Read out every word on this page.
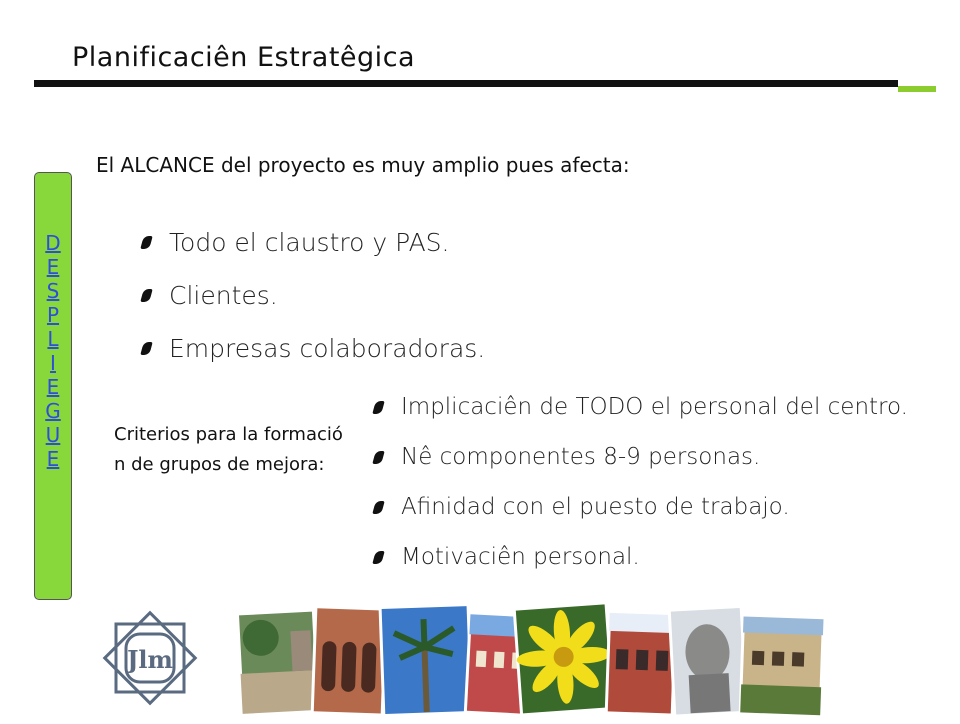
Planificaciên Estratêgica
D
E
S
P
L
I
E
G
U
E
El ALCANCE del proyecto es muy amplio pues afecta:
Todo el claustro y PAS.
Clientes.
Empresas colaboradoras.
Criterios para la formació n de grupos de mejora:
Implicaciên de TODO el personal del centro.
Nê componentes 8-9 personas.
Afinidad con el puesto de trabajo.
Motivaciên personal.
Jlm
